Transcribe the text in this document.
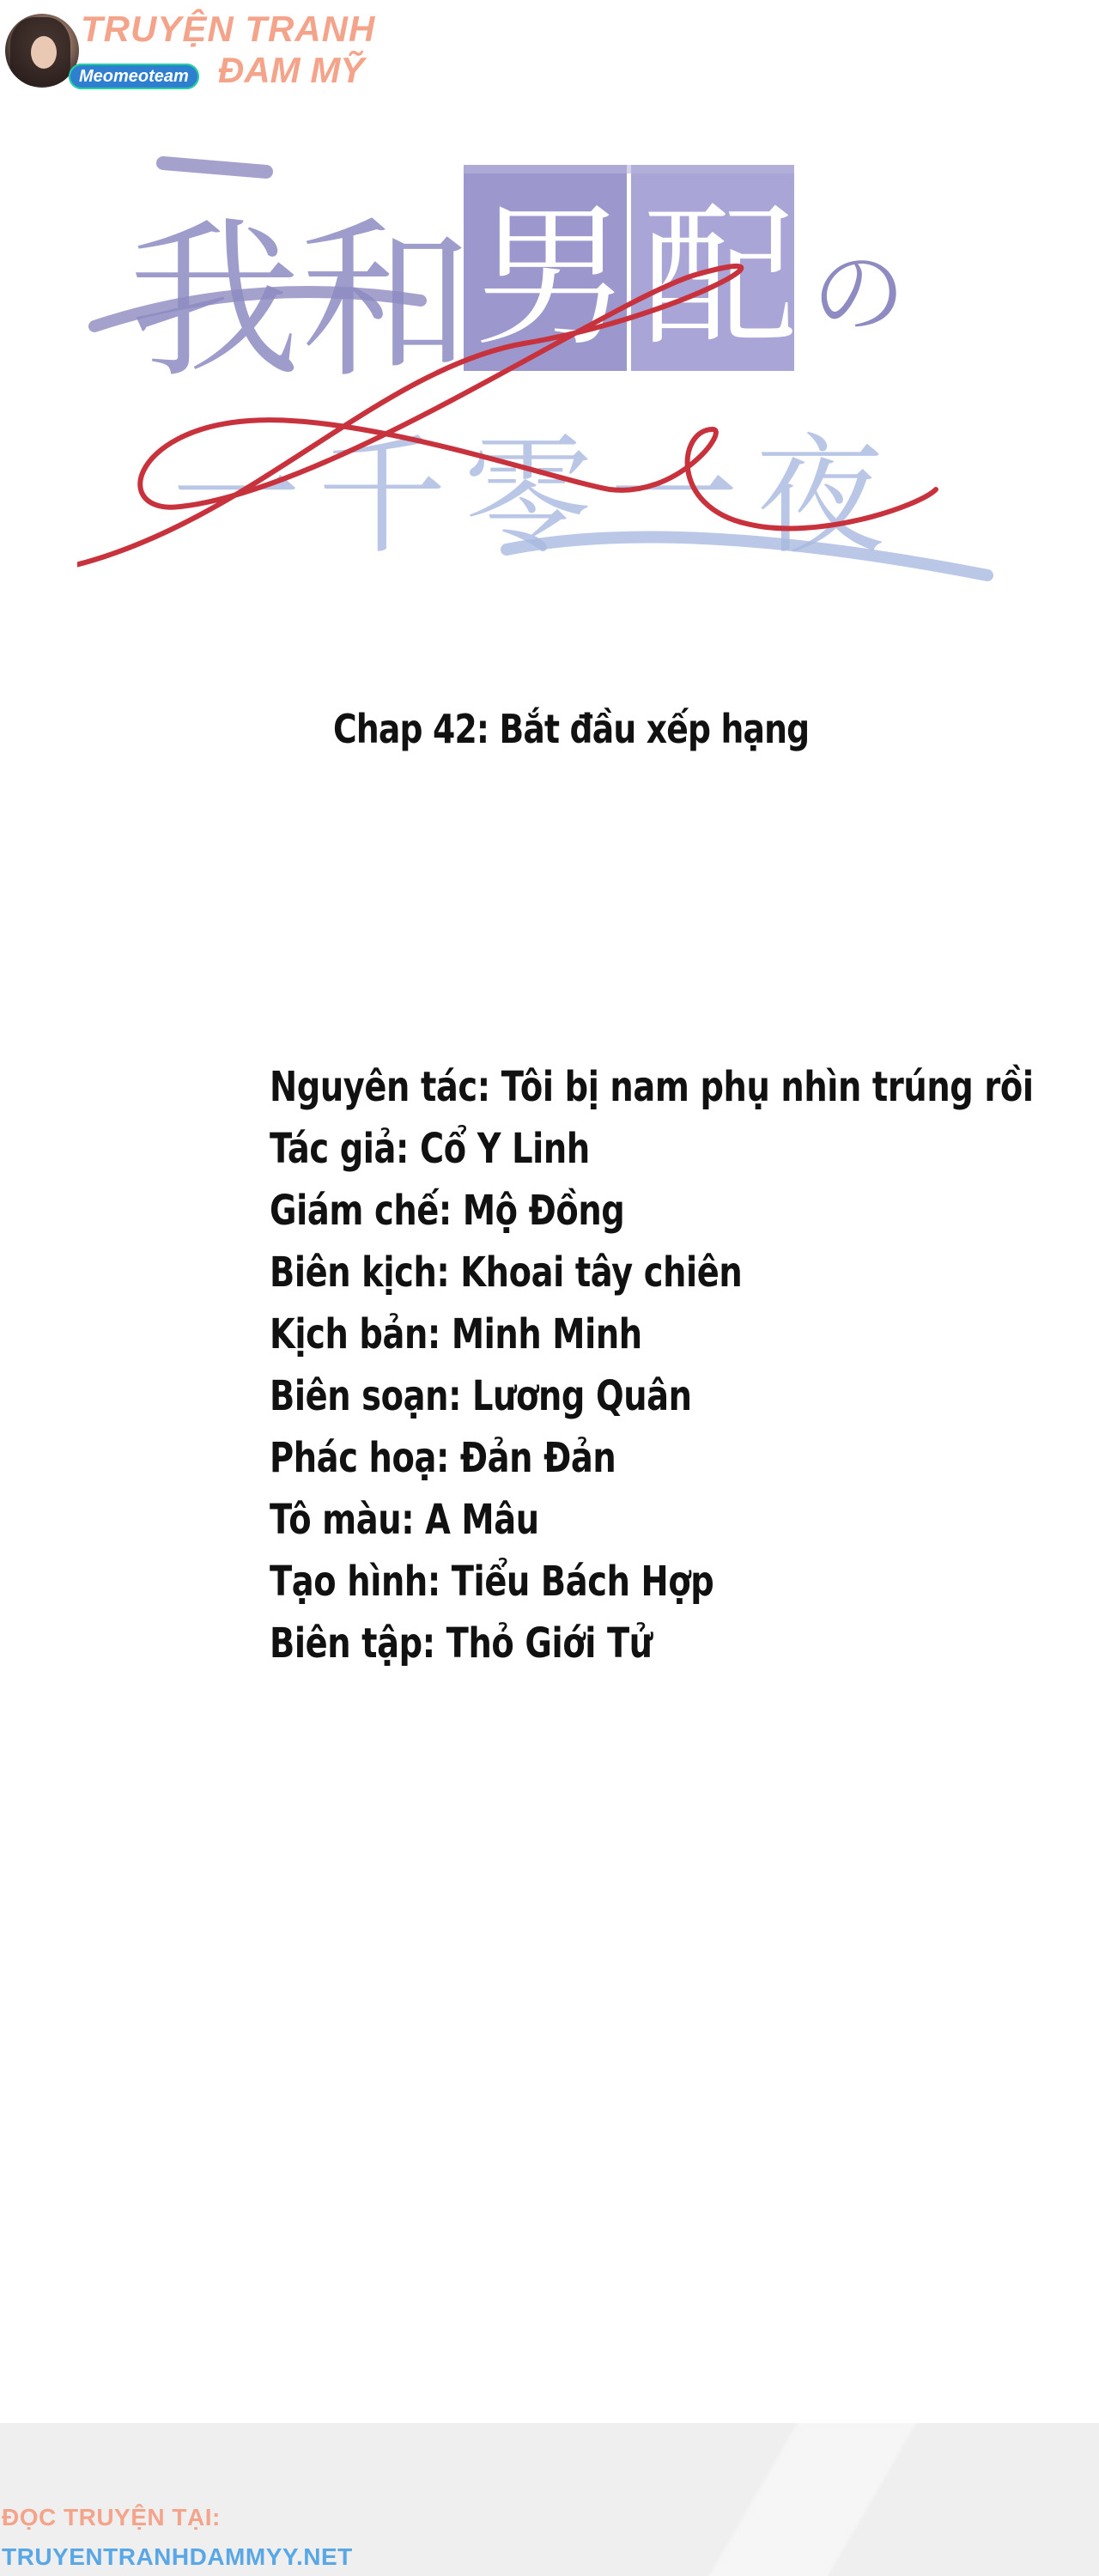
TRUYỆN TRANH
ĐAM MỸ
Meomeoteam
我和 男 配 の
一千零一夜
Chap 42: Bắt đầu xếp hạng
Nguyên tác: Tôi bị nam phụ nhìn trúng rồi
Tác giả: Cổ Y Linh
Giám chế: Mộ Đồng
Biên kịch: Khoai tây chiên
Kịch bản: Minh Minh
Biên soạn: Lương Quân
Phác hoạ: Đản Đản
Tô màu: A Mâu
Tạo hình: Tiểu Bách Hợp
Biên tập: Thỏ Giới Tử
ĐỌC TRUYỆN TẠI:
TRUYENTRANHDAMMYY.NET
